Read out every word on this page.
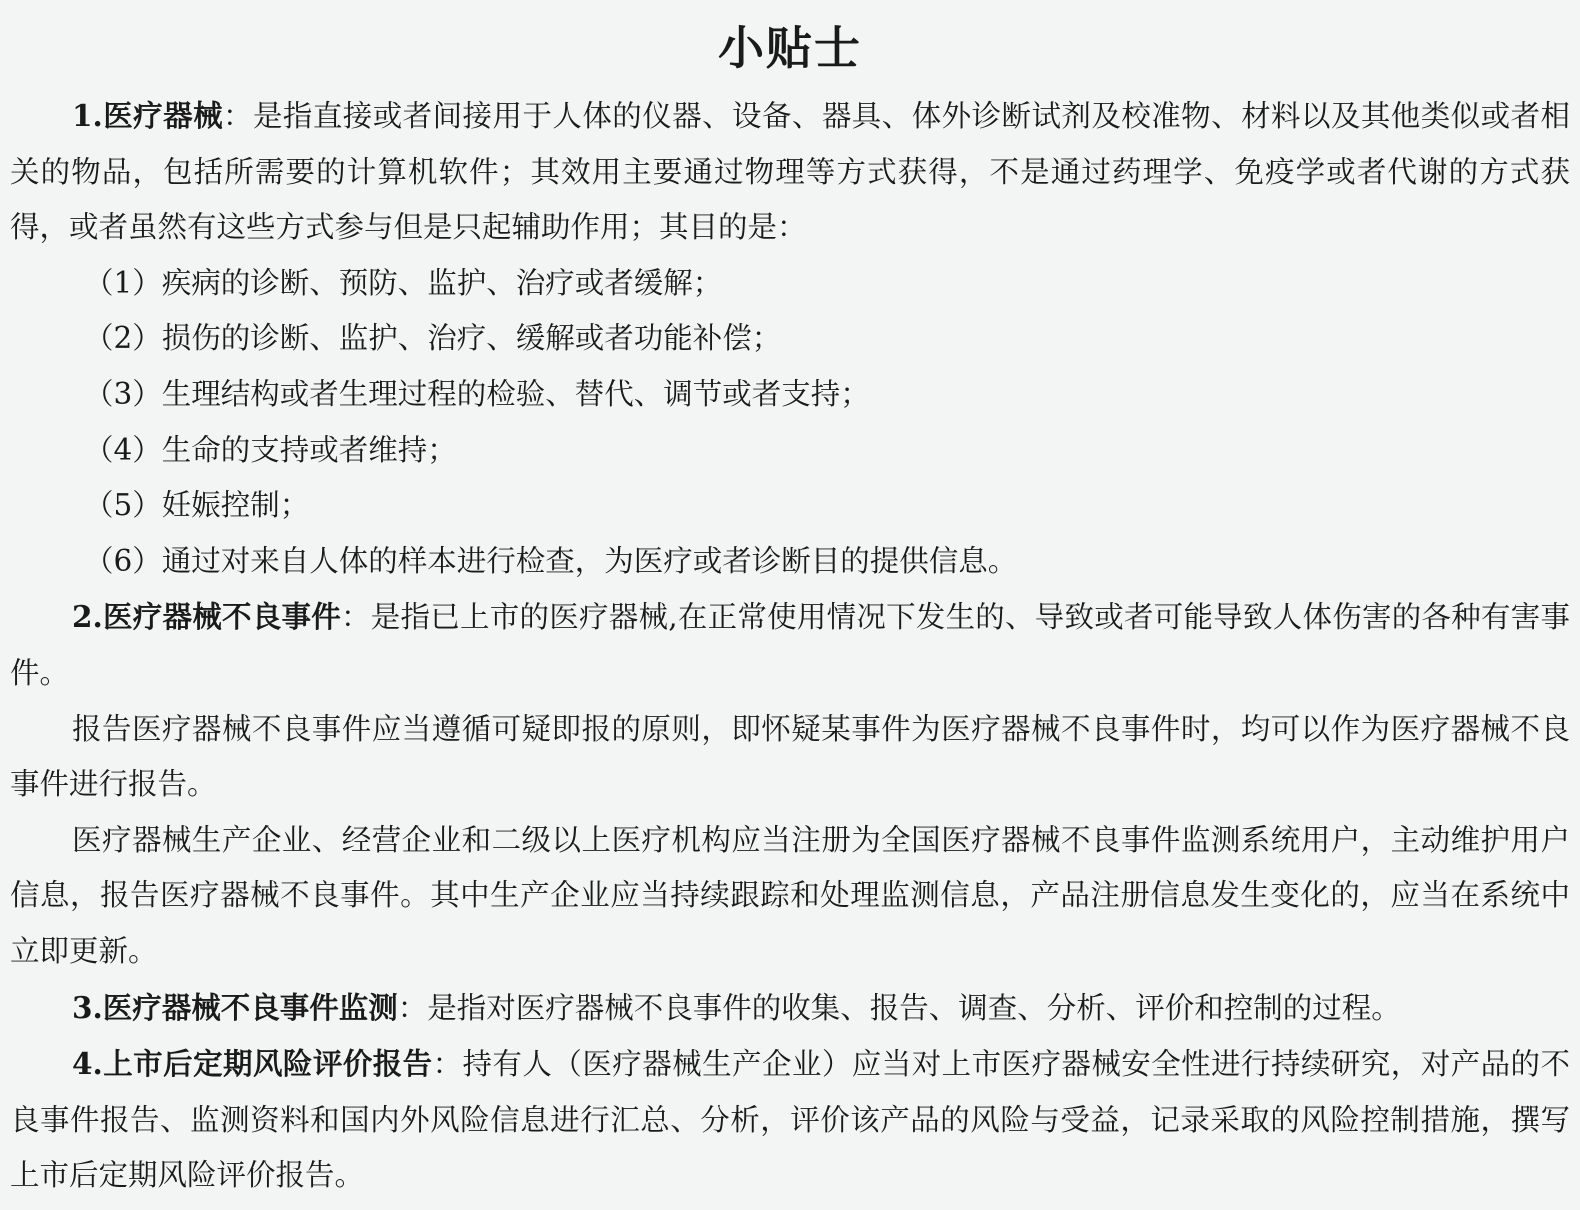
小贴士

1.医疗器械：是指直接或者间接用于人体的仪器、设备、器具、体外诊断试剂及校准物、材料以及其他类似或者相关的物品，包括所需要的计算机软件；其效用主要通过物理等方式获得，不是通过药理学、免疫学或者代谢的方式获得，或者虽然有这些方式参与但是只起辅助作用；其目的是：

（1）疾病的诊断、预防、监护、治疗或者缓解；

（2）损伤的诊断、监护、治疗、缓解或者功能补偿；

（3）生理结构或者生理过程的检验、替代、调节或者支持；

（4）生命的支持或者维持；

（5）妊娠控制；

（6）通过对来自人体的样本进行检查，为医疗或者诊断目的提供信息。

2.医疗器械不良事件：是指已上市的医疗器械,在正常使用情况下发生的、导致或者可能导致人体伤害的各种有害事件。

报告医疗器械不良事件应当遵循可疑即报的原则，即怀疑某事件为医疗器械不良事件时，均可以作为医疗器械不良事件进行报告。

医疗器械生产企业、经营企业和二级以上医疗机构应当注册为全国医疗器械不良事件监测系统用户，主动维护用户信息，报告医疗器械不良事件。其中生产企业应当持续跟踪和处理监测信息，产品注册信息发生变化的，应当在系统中立即更新。

3.医疗器械不良事件监测：是指对医疗器械不良事件的收集、报告、调查、分析、评价和控制的过程。

4.上市后定期风险评价报告：持有人（医疗器械生产企业）应当对上市医疗器械安全性进行持续研究，对产品的不良事件报告、监测资料和国内外风险信息进行汇总、分析，评价该产品的风险与受益，记录采取的风险控制措施，撰写上市后定期风险评价报告。
